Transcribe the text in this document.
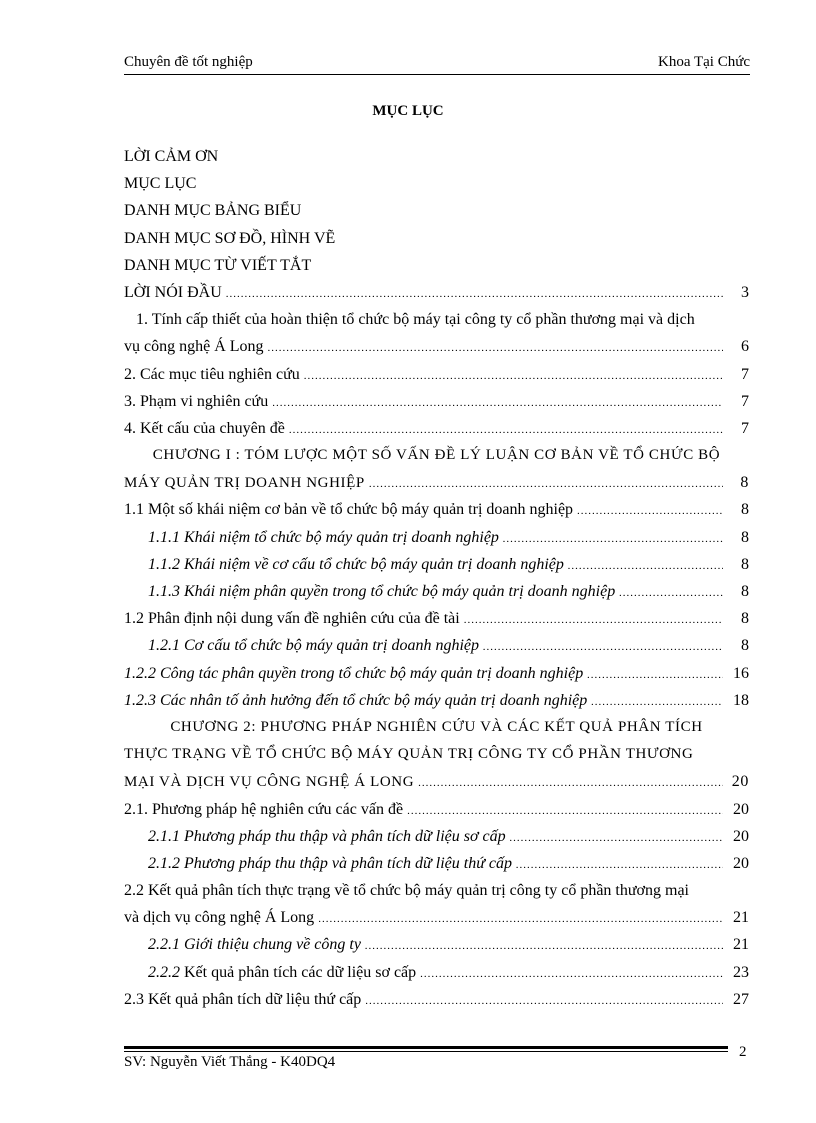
Chuyên đề tốt nghiệp	Khoa Tại Chức
MỤC LỤC
LỜI CẢM ƠN
MỤC LỤC
DANH MỤC BẢNG BIỂU
DANH MỤC SƠ ĐỒ, HÌNH VẼ
DANH MỤC TỪ VIẾT TẮT
LỜI NÓI ĐẦU .....	3
1. Tính cấp thiết của hoàn thiện tổ chức bộ máy tại công ty cổ phần thương mại và dịch
vụ công nghệ Á Long .....	6
2. Các mục tiêu nghiên cứu .....	7
3. Phạm vi nghiên cứu .....	7
4. Kết cấu của chuyên đề .....	7
CHƯƠNG I : TÓM LƯỢC MỘT SỐ VẤN ĐỀ LÝ LUẬN CƠ BẢN VỀ TỔ CHỨC BỘ
MÁY QUẢN TRỊ DOANH NGHIỆP .....	8
1.1 Một số khái niệm cơ bản về tổ chức bộ máy quản trị doanh nghiệp .....	8
1.1.1 Khái niệm tổ chức bộ máy quản trị doanh nghiệp .....	8
1.1.2 Khái niệm về cơ cấu tổ chức bộ máy quản trị doanh nghiệp .....	8
1.1.3 Khái niệm phân quyền trong tổ chức bộ máy quản trị doanh nghiệp .....	8
1.2 Phân định nội dung vấn đề nghiên cứu của đề tài .....	8
1.2.1 Cơ cấu tổ chức bộ máy quản trị doanh nghiệp .....	8
1.2.2 Công tác phân quyền trong tổ chức bộ máy quản trị doanh nghiệp .....	16
1.2.3 Các nhân tố ảnh hưởng đến tổ chức bộ máy quản trị doanh nghiệp .....	18
CHƯƠNG 2: PHƯƠNG PHÁP NGHIÊN CỨU VÀ CÁC KẾT QUẢ PHÂN TÍCH
THỰC TRẠNG VỀ TỔ CHỨC BỘ MÁY QUẢN TRỊ CÔNG TY CỔ PHẦN THƯƠNG
MẠI VÀ DỊCH VỤ CÔNG NGHỆ Á LONG .....	20
2.1. Phương pháp hệ nghiên cứu các vấn đề .....	20
2.1.1 Phương pháp thu thập và phân tích dữ liệu sơ cấp .....	20
2.1.2 Phương pháp thu thập và phân tích dữ liệu thứ cấp .....	20
2.2 Kết quả phân tích thực trạng về tổ chức bộ máy quản trị công ty cổ phần thương mại
và dịch vụ công nghệ Á Long .....	21
2.2.1 Giới thiệu chung về công ty .....	21
2.2.2 Kết quả phân tích các dữ liệu sơ cấp .....	23
2.3 Kết quả phân tích dữ liệu thứ cấp .....	27
SV: Nguyễn Viết Thắng - K40DQ4
2
